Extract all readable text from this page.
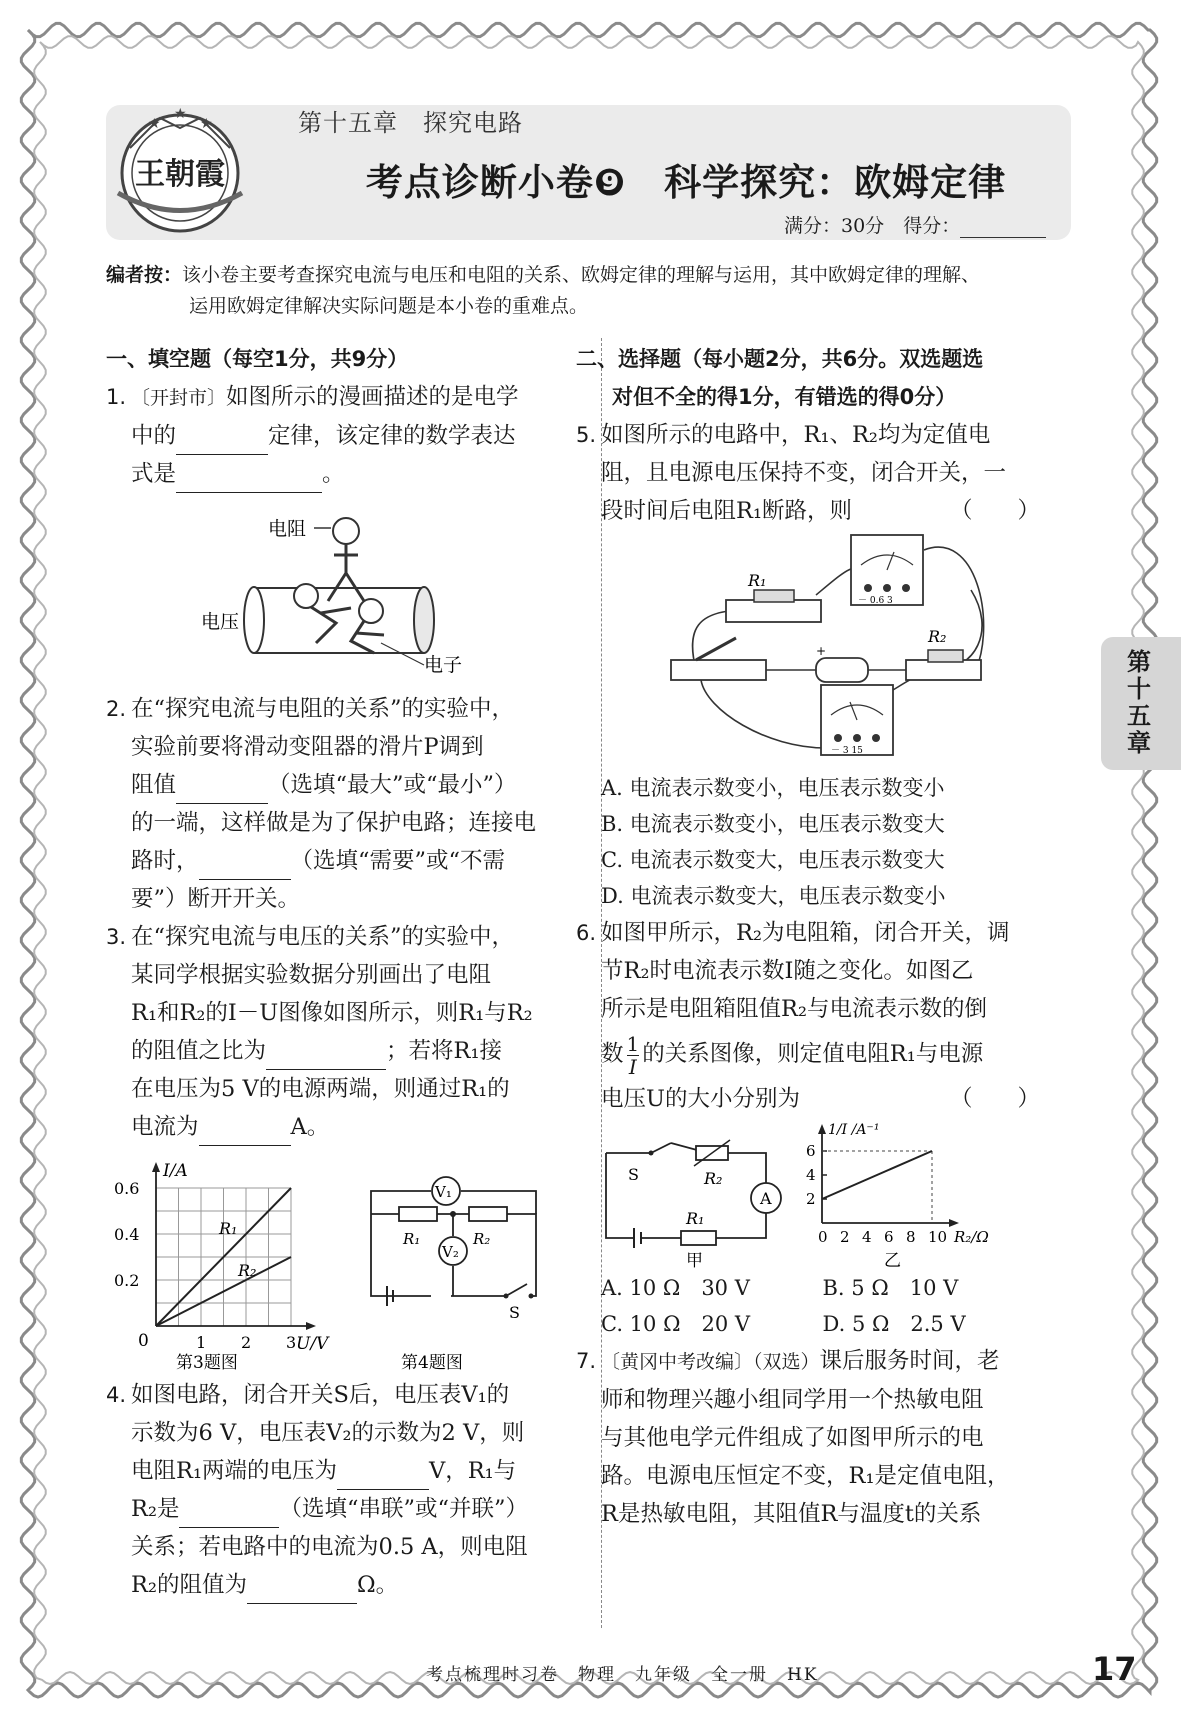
王朝霞
★
★
★	第十五章　探究电路
考点诊断小卷❾　科学探究：欧姆定律
满分：30分　 得分：
编者按：该小卷主要考查探究电流与电压和电阻的关系、欧姆定律的理解与运用，其中欧姆定律的理解、
运用欧姆定律解决实际问题是本小卷的重难点。
一、填空题（每空1分，共9分）
1. 〔开封市〕如图所示的漫画描述的是电学
中的	定律，该定律的数学表达
式是	。
电阻
电压
电子
2. 在“探究电流与电阻的关系”的实验中，
实验前要将滑动变阻器的滑片P调到
阻值	（选填“最大”或“最小”）
的一端，这样做是为了保护电路；连接电
路时，	（选填“需要”或“不需
要”）断开开关。
3. 在“探究电流与电压的关系”的实验中，
某同学根据实验数据分别画出了电阻
R₁和R₂的I－U图像如图所示，则R₁与R₂
的阻值之比为	；若将R₁接
在电压为5 V的电源两端，则通过R₁的
电流为	A。
I/A
U/V
0
0.6
0.4
0.2
1 2 3
R₁
R₂
第3题图
V₁
R₁	R₂
V₂
S
第4题图
4. 如图电路，闭合开关S后，电压表V₁的
示数为6 V，电压表V₂的示数为2 V，则
电阻R₁两端的电压为	V，R₁与
R₂是	（选填“串联”或“并联”）
关系；若电路中的电流为0.5 A，则电阻
R₂的阻值为	Ω。
二、选择题（每小题2分，共6分。双选题选
对但不全的得1分，有错选的得0分）
5. 如图所示的电路中，R₁、R₂均为定值电
阻，且电源电压保持不变，闭合开关，一
段时间后电阻R₁断路，则	（　　）
R₁
－ 0.6 3
+
R₂
－ 3 15
A. 电流表示数变小，电压表示数变小
B. 电流表示数变小，电压表示数变大
C. 电流表示数变大，电压表示数变大
D. 电流表示数变大，电压表示数变小
6. 如图甲所示，R₂为电阻箱，闭合开关，调
节R₂时电流表示数I随之变化。如图乙
所示是电阻箱阻值R₂与电流表示数的倒
数 $\frac{1}{I}$ 的关系图像，则定值电阻R₁与电源
电压U的大小分别为	（　　）
S	R₂
A
R₁
甲
1/I /A⁻¹
R₂/Ω
6
4
2
0 2 4 6 8 10
乙
A. 10 Ω　30 V	B. 5 Ω　10 V
C. 10 Ω　20 V	D. 5 Ω　2.5 V
7. 〔黄冈中考改编〕（双选）课后服务时间，老
师和物理兴趣小组同学用一个热敏电阻
与其他电学元件组成了如图甲所示的电
路。电源电压恒定不变，R₁是定值电阻，
R是热敏电阻，其阻值R与温度t的关系
考点梳理时习卷　物理　九年级　全一册　HK	17
第十五章
